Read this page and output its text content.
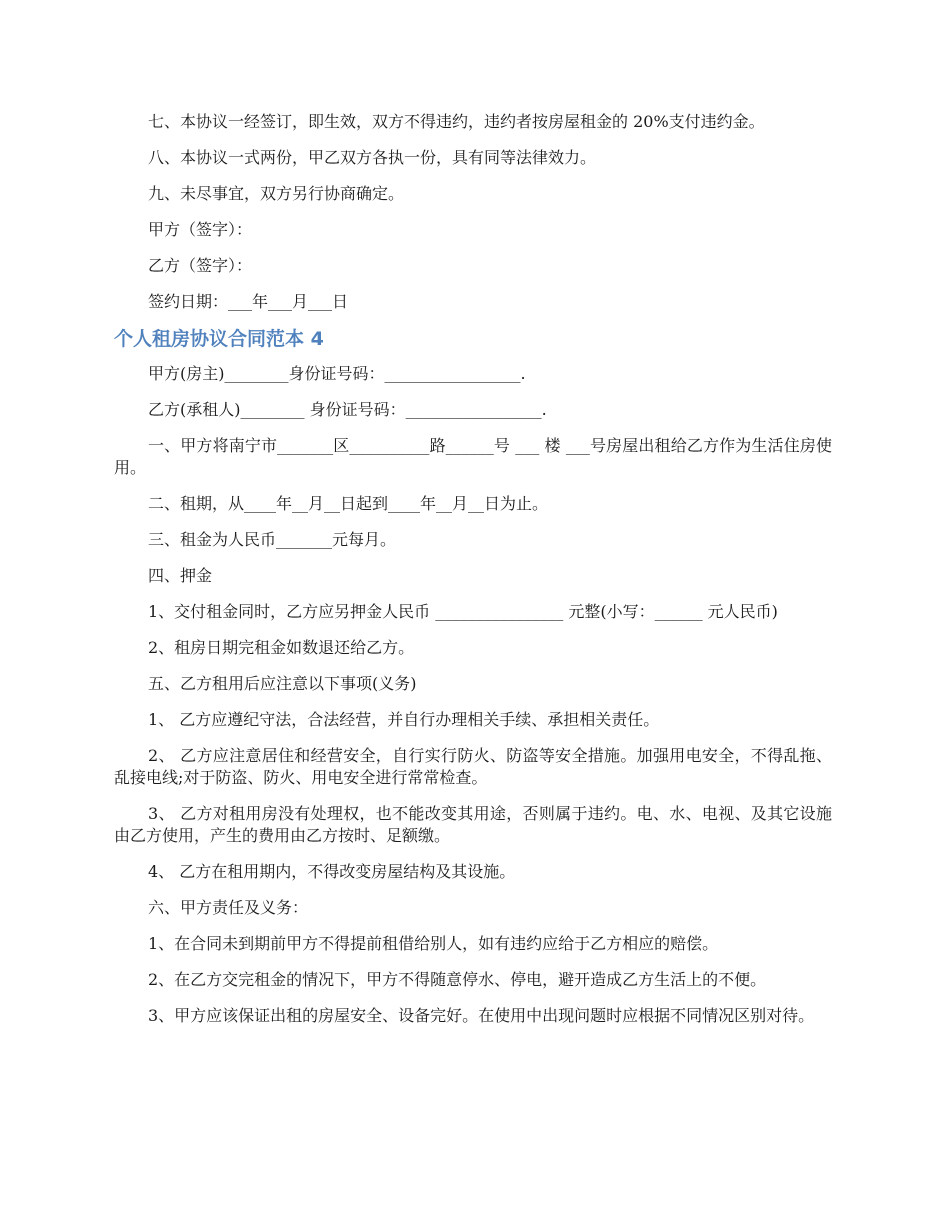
七、本协议一经签订，即生效，双方不得违约，违约者按房屋租金的 20%支付违约金。

八、本协议一式两份，甲乙双方各执一份，具有同等法律效力。

九、未尽事宜，双方另行协商确定。

甲方（签字）：

乙方（签字）：

签约日期：___年___月___日

个人租房协议合同范本 4

甲方(房主)________身份证号码：_________________.

乙方(承租人)________ 身份证号码：_________________.

一、甲方将南宁市_______区__________路______号 ___ 楼 ___号房屋出租给乙方作为生活住房使用。

二、租期，从____年__月__日起到____年__月__日为止。

三、租金为人民币_______元每月。

四、押金

1、交付租金同时，乙方应另押金人民币 ________________ 元整(小写：______ 元人民币)

2、租房日期完租金如数退还给乙方。

五、乙方租用后应注意以下事项(义务)

1、 乙方应遵纪守法，合法经营，并自行办理相关手续、承担相关责任。

2、 乙方应注意居住和经营安全，自行实行防火、防盗等安全措施。加强用电安全，不得乱拖、乱接电线;对于防盗、防火、用电安全进行常常检查。

3、 乙方对租用房没有处理权，也不能改变其用途，否则属于违约。电、水、电视、及其它设施由乙方使用，产生的费用由乙方按时、足额缴。

4、 乙方在租用期内，不得改变房屋结构及其设施。

六、甲方责任及义务：

1、在合同未到期前甲方不得提前租借给别人，如有违约应给于乙方相应的赔偿。

2、在乙方交完租金的情况下，甲方不得随意停水、停电，避开造成乙方生活上的不便。

3、甲方应该保证出租的房屋安全、设备完好。在使用中出现问题时应根据不同情况区别对待。
